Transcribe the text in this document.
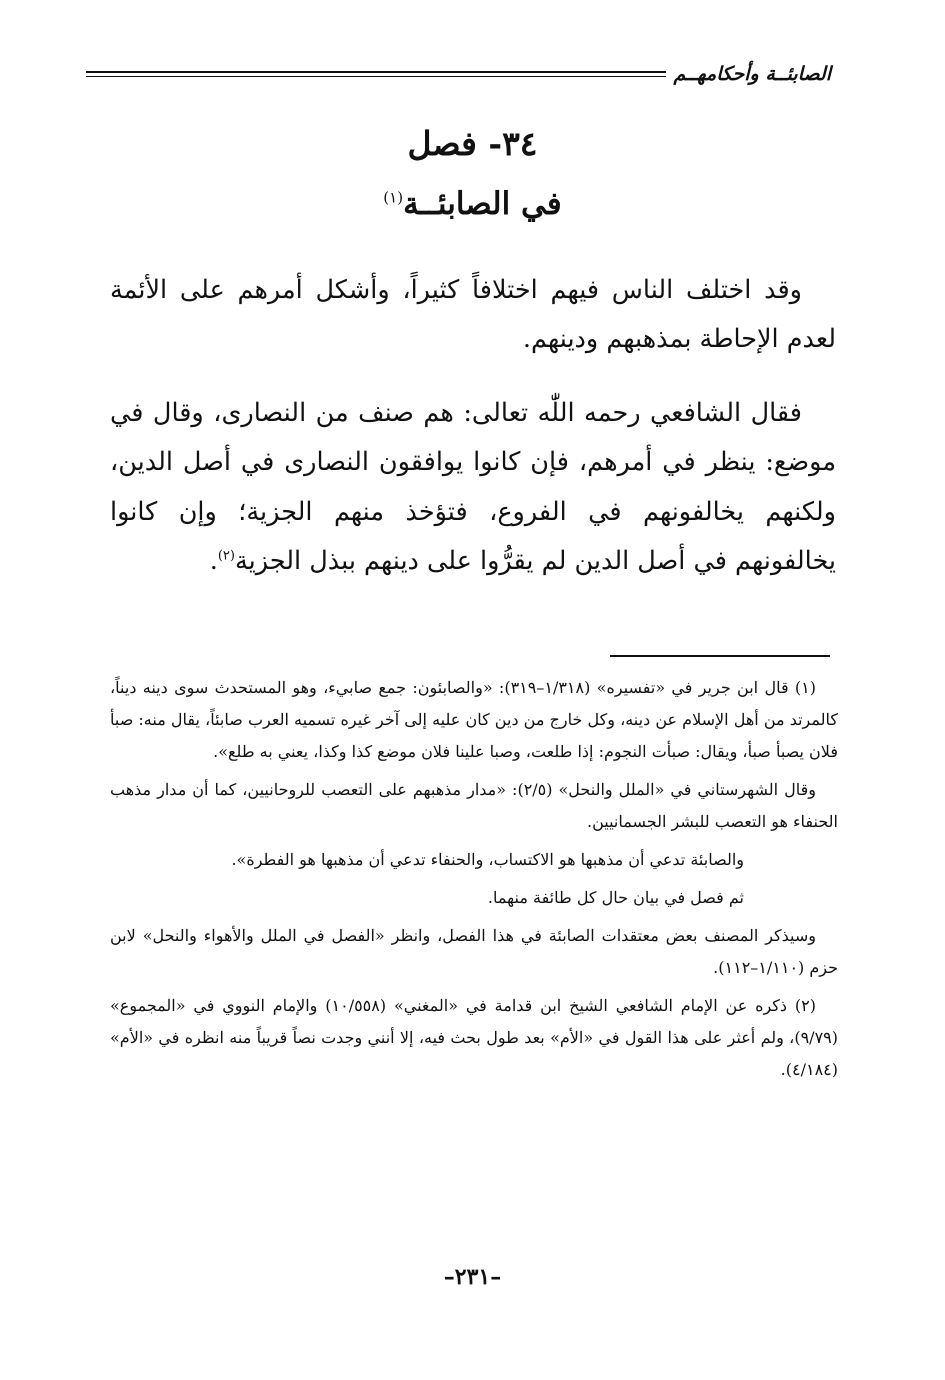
الصابئــة وأحكامهــم
٣٤- فصل
في الصابئــة$^{(١)}$

وقد اختلف الناس فيهم اختلافاً كثيراً، وأشكل أمرهم على الأئمة لعدم الإحاطة بمذهبهم ودينهم.

فقال الشافعي رحمه اللّٰه تعالى: هم صنف من النصارى، وقال في موضع: ينظر في أمرهم، فإن كانوا يوافقون النصارى في أصل الدين، ولكنهم يخالفونهم في الفروع، فتؤخذ منهم الجزية؛ وإن كانوا يخالفونهم في أصل الدين لم يقرُّوا على دينهم ببذل الجزية$^{(٢)}$.

(١) قال ابن جرير في «تفسيره» (١/٣١٨–٣١٩): «والصابئون: جمع صابيء، وهو المستحدث سوى دينه ديناً، كالمرتد من أهل الإسلام عن دينه، وكل خارج من دين كان عليه إلى آخر غيره تسميه العرب صابئاً، يقال منه: صبأ فلان يصبأ صبأ، ويقال: صبأت النجوم: إذا طلعت، وصبا علينا فلان موضع كذا وكذا، يعني به طلع».

وقال الشهرستاني في «الملل والنحل» (٢/٥): «مدار مذهبهم على التعصب للروحانيين، كما أن مدار مذهب الحنفاء هو التعصب للبشر الجسمانيين.

والصابئة تدعي أن مذهبها هو الاكتساب، والحنفاء تدعي أن مذهبها هو الفطرة».

ثم فصل في بيان حال كل طائفة منهما.

وسيذكر المصنف بعض معتقدات الصابئة في هذا الفصل، وانظر «الفصل في الملل والأهواء والنحل» لابن حزم (١/١١٠–١١٢).

(٢) ذكره عن الإمام الشافعي الشيخ ابن قدامة في «المغني» (١٠/٥٥٨) والإمام النووي في «المجموع» (٩/٧٩)، ولم أعثر على هذا القول في «الأم» بعد طول بحث فيه، إلا أنني وجدت نصاً قريباً منه انظره في «الأم» (٤/١٨٤).

–٢٣١–
